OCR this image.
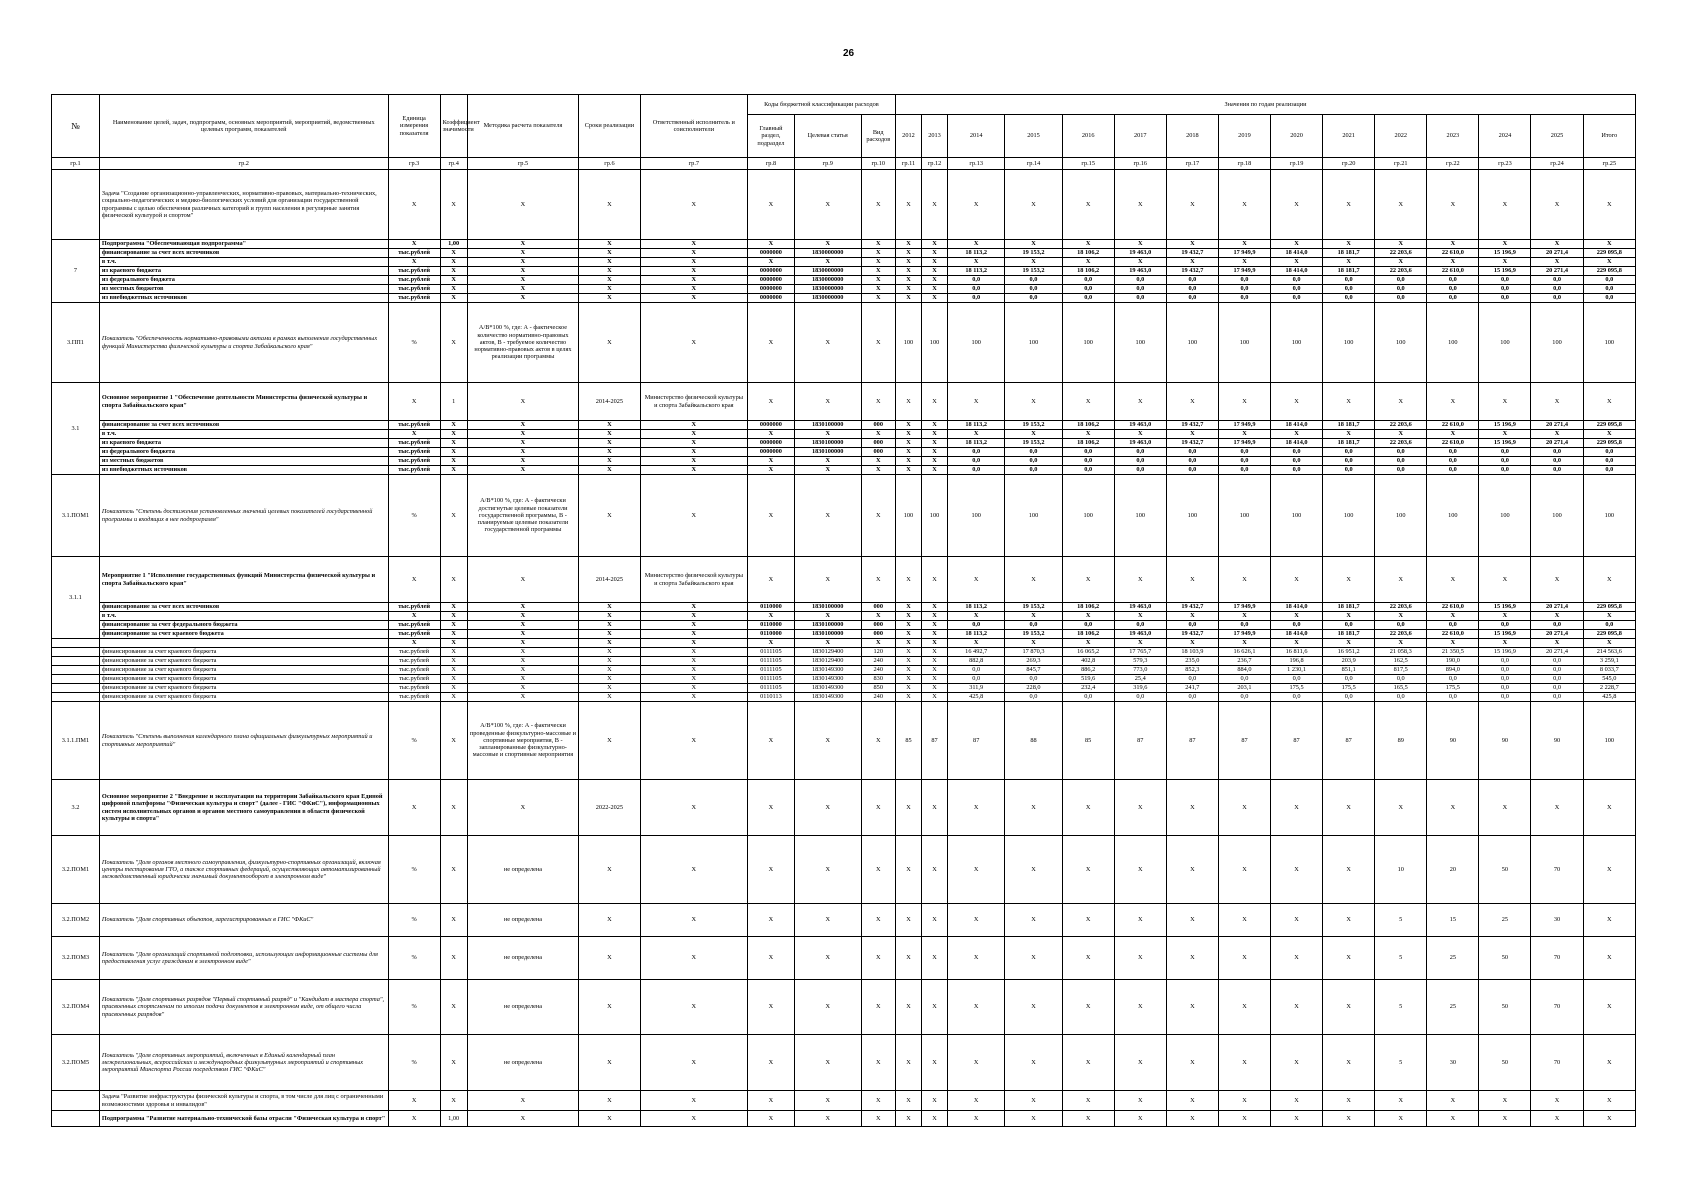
26
№	Наименование целей, задач, подпрограмм, основных мероприятий, мероприятий, ведомственных целевых программ, показателей	Единица измерения показателя	Коэффициент значимости	Методика расчета показателя	Сроки реализации	Ответственный исполнитель и соисполнители	Коды бюджетной классификации расходов			Значения по годам реализации														
							Главный раздел, подраздел	Целевая статья	Вид расходов	2012	2013	2014	2015	2016	2017	2018	2019	2020	2021	2022	2023	2024	2025	Итого
гр.1	гр.2	гр.3	гр.4	гр.5	гр.6	гр.7	гр.8	гр.9	гр.10	гр.11	гр.12	гр.13	гр.14	гр.15	гр.16	гр.17	гр.18	гр.19	гр.20	гр.21	гр.22	гр.23	гр.24	гр.25
	Задача "Создание организационно-управленческих, нормативно-правовых, материально-технических, социально-педагогических и медико-биологических условий для организации государственной программы с целью обеспечения различных категорий и групп населения в регулярные занятия физической культурой и спортом"	X	X	X	X	X	X	X	X	X	X	X	X	X	X	X	X	X	X	X	X	X	X	X
7	Подпрограмма "Обеспечивающая подпрограмма"	X	1,00	X	X	X	X	X	X	X	X	X	X	X	X	X	X	X	X	X	X	X	X	X
	финансирование за счет всех источников	тыс.рублей	X	X	X	X	0000000	1830000000	X	X	X	18 113,2	19 153,2	18 106,2	19 463,0	19 432,7	17 949,9	18 414,0	18 181,7	22 203,6	22 610,0	15 196,9	20 271,4	229 095,8
	в т.ч.	X	X	X	X	X	X	X	X	X	X	X	X	X	X	X	X	X	X	X	X	X	X	X
	из краевого бюджета	тыс.рублей	X	X	X	X	0000000	1830000000	X	X	X	18 113,2	19 153,2	18 106,2	19 463,0	19 432,7	17 949,9	18 414,0	18 181,7	22 203,6	22 610,0	15 196,9	20 271,4	229 095,8
	из федерального бюджета	тыс.рублей	X	X	X	X	0000000	1830000000	X	X	X	0,0	0,0	0,0	0,0	0,0	0,0	0,0	0,0	0,0	0,0	0,0	0,0	0,0
	из местных бюджетов	тыс.рублей	X	X	X	X	0000000	1830000000	X	X	X	0,0	0,0	0,0	0,0	0,0	0,0	0,0	0,0	0,0	0,0	0,0	0,0	0,0
	из внебюджетных источников	тыс.рублей	X	X	X	X	0000000	1830000000	X	X	X	0,0	0,0	0,0	0,0	0,0	0,0	0,0	0,0	0,0	0,0	0,0	0,0	0,0
3.ПП1	Показатель "Обеспеченность нормативно-правовыми актами в рамках выполнения государственных функций Министерства физической культуры и спорта Забайкальского края"	%	X	А/В*100 %, где: А - фактическое количество нормативно-правовых актов, В - требуемое количество нормативно-правовых актов в целях реализации программы	X	X	X	X	X	100	100	100	100	100	100	100	100	100	100	100	100	100	100	100
3.1	Основное мероприятие 1 "Обеспечение деятельности Министерства физической культуры и спорта Забайкальского края"	X	1	X	2014-2025	Министерство физической культуры и спорта Забайкальского края	X	X	X	X	X	X	X	X	X	X	X	X	X	X	X	X	X	X
	финансирование за счет всех источников	тыс.рублей	X	X	X	X	0000000	1830100000	000	X	X	18 113,2	19 153,2	18 106,2	19 463,0	19 432,7	17 949,9	18 414,0	18 181,7	22 203,6	22 610,0	15 196,9	20 271,4	229 095,8
	в т.ч.	X	X	X	X	X	X	X	X	X	X	X	X	X	X	X	X	X	X	X	X	X	X	X
	из краевого бюджета	тыс.рублей	X	X	X	X	0000000	1830100000	000	X	X	18 113,2	19 153,2	18 106,2	19 463,0	19 432,7	17 949,9	18 414,0	18 181,7	22 203,6	22 610,0	15 196,9	20 271,4	229 095,8
	из федерального бюджета	тыс.рублей	X	X	X	X	0000000	1830100000	000	X	X	0,0	0,0	0,0	0,0	0,0	0,0	0,0	0,0	0,0	0,0	0,0	0,0	0,0
	из местных бюджетов	тыс.рублей	X	X	X	X	X	X	X	X	X	0,0	0,0	0,0	0,0	0,0	0,0	0,0	0,0	0,0	0,0	0,0	0,0	0,0
	из внебюджетных источников	тыс.рублей	X	X	X	X	X	X	X	X	X	0,0	0,0	0,0	0,0	0,0	0,0	0,0	0,0	0,0	0,0	0,0	0,0	0,0
3.1.ПОМ1	Показатель "Степень достижения установленных значений целевых показателей государственной программы и входящих в нее подпрограмм"	%	X	А/В*100 %, где: А - фактически достигнутые целевые показатели государственной программы, В - планируемые целевые показатели государственной программы	X	X	X	X	X	100	100	100	100	100	100	100	100	100	100	100	100	100	100	100
3.1.1	Мероприятие 1 "Исполнение государственных функций Министерства физической культуры и спорта Забайкальского края"	X	X	X	2014-2025	Министерство физической культуры и спорта Забайкальского края	X	X	X	X	X	X	X	X	X	X	X	X	X	X	X	X	X	X
	финансирование за счет всех источников	тыс.рублей	X	X	X	X	0110000	1830100000	000	X	X	18 113,2	19 153,2	18 106,2	19 463,0	19 432,7	17 949,9	18 414,0	18 181,7	22 203,6	22 610,0	15 196,9	20 271,4	229 095,8
	в т.ч.	X	X	X	X	X	X	X	X	X	X	X	X	X	X	X	X	X	X	X	X	X	X	X
	финансирование за счет федерального бюджета	тыс.рублей	X	X	X	X	0110000	1830100000	000	X	X	0,0	0,0	0,0	0,0	0,0	0,0	0,0	0,0	0,0	0,0	0,0	0,0	0,0
	финансирование за счет краевого бюджета	тыс.рублей	X	X	X	X	0110000	1830100000	000	X	X	18 113,2	19 153,2	18 106,2	19 463,0	19 432,7	17 949,9	18 414,0	18 181,7	22 203,6	22 610,0	15 196,9	20 271,4	229 095,8
		X	X	X	X	X	X	X	X	X	X	X	X	X	X	X	X	X	X	X	X	X	X	X
	финансирование за счет краевого бюджета	тыс.рублей	X	X	X	X	0111105	1830129400	120	X	X	16 492,7	17 870,3	16 065,2	17 765,7	18 103,9	16 626,1	16 811,6	16 951,2	21 058,3	21 350,5	15 196,9	20 271,4	214 563,6
	финансирование за счет краевого бюджета	тыс.рублей	X	X	X	X	0111105	1830129400	240	X	X	882,8	269,3	402,8	579,3	235,0	236,7	196,8	203,9	162,5	190,0	0,0	0,0	3 259,1
	финансирование за счет краевого бюджета	тыс.рублей	X	X	X	X	0111105	1830149300	240	X	X	0,0	845,7	886,2	773,0	852,3	884,0	1 230,1	851,1	817,5	894,0	0,0	0,0	8 033,7
	финансирование за счет краевого бюджета	тыс.рублей	X	X	X	X	0111105	1830149300	830	X	X	0,0	0,0	519,6	25,4	0,0	0,0	0,0	0,0	0,0	0,0	0,0	0,0	545,0
	финансирование за счет краевого бюджета	тыс.рублей	X	X	X	X	0111105	1830149300	850	X	X	311,9	228,0	232,4	319,6	241,7	203,1	175,5	175,5	165,5	175,5	0,0	0,0	2 228,7
	финансирование за счет краевого бюджета	тыс.рублей	X	X	X	X	0110113	1830149300	240	X	X	425,8	0,0	0,0	0,0	0,0	0,0	0,0	0,0	0,0	0,0	0,0	0,0	425,8
3.1.1.ПМ1	Показатель "Степень выполнения календарного плана официальных физкультурных мероприятий и спортивных мероприятий"	%	X	А/В*100 %, где: А - фактически проведенные физкультурно-массовые и спортивные мероприятия, В - запланированные физкультурно-массовые и спортивные мероприятия	X	X	X	X	X	85	87	87	88	85	87	87	87	87	87	89	90	90	90	100
3.2	Основное мероприятие 2 "Внедрение и эксплуатация на территории Забайкальского края Единой цифровой платформы "Физическая культура и спорт" (далее - ГИС "ФКиС"), информационных систем исполнительных органов и органов местного самоуправления в области физической культуры и спорта"	X	X	X	2022-2025	X	X	X	X	X	X	X	X	X	X	X	X	X	X	X	X	X	X	X
3.2.ПОМ1	Показатель "Доля органов местного самоуправления, физкультурно-спортивных организаций, включая центры тестирования ГТО, а также спортивных федераций, осуществляющих автоматизированный межведомственный юридически значимый документооборот в электронном виде"	%	X	не определена	X	X	X	X	X	X	X	X	X	X	X	X	X	X	X	10	20	50	70	X
3.2.ПОМ2	Показатель "Доля спортивных объектов, зарегистрированных в ГИС "ФКиС"	%	X	не определена	X	X	X	X	X	X	X	X	X	X	X	X	X	X	X	5	15	25	30	X
3.2.ПОМ3	Показатель "Доля организаций спортивной подготовки, использующих информационные системы для предоставления услуг гражданам в электронном виде"	%	X	не определена	X	X	X	X	X	X	X	X	X	X	X	X	X	X	X	5	25	50	70	X
3.2.ПОМ4	Показатель "Доля спортивных разрядов "Первый спортивный разряд" и "Кандидат в мастера спорта", присвоенных спортсменам по итогам подачи документов в электронном виде, от общего числа присвоенных разрядов"	%	X	не определена	X	X	X	X	X	X	X	X	X	X	X	X	X	X	X	5	25	50	70	X
3.2.ПОМ5	Показатель "Доля спортивных мероприятий, включенных в Единый календарный план межрегиональных, всероссийских и международных физкультурных мероприятий и спортивных мероприятий Минспорта России посредством ГИС "ФКиС"	%	X	не определена	X	X	X	X	X	X	X	X	X	X	X	X	X	X	X	5	30	50	70	X
	Задача "Развитие инфраструктуры физической культуры и спорта, в том числе для лиц с ограниченными возможностями здоровья и инвалидов"	X	X	X	X	X	X	X	X	X	X	X	X	X	X	X	X	X	X	X	X	X	X	X
	Подпрограмма "Развитие материально-технической базы отрасли "Физическая культура и спорт"	X	1,00	X	X	X	X	X	X	X	X	X	X	X	X	X	X	X	X	X	X	X	X	X
